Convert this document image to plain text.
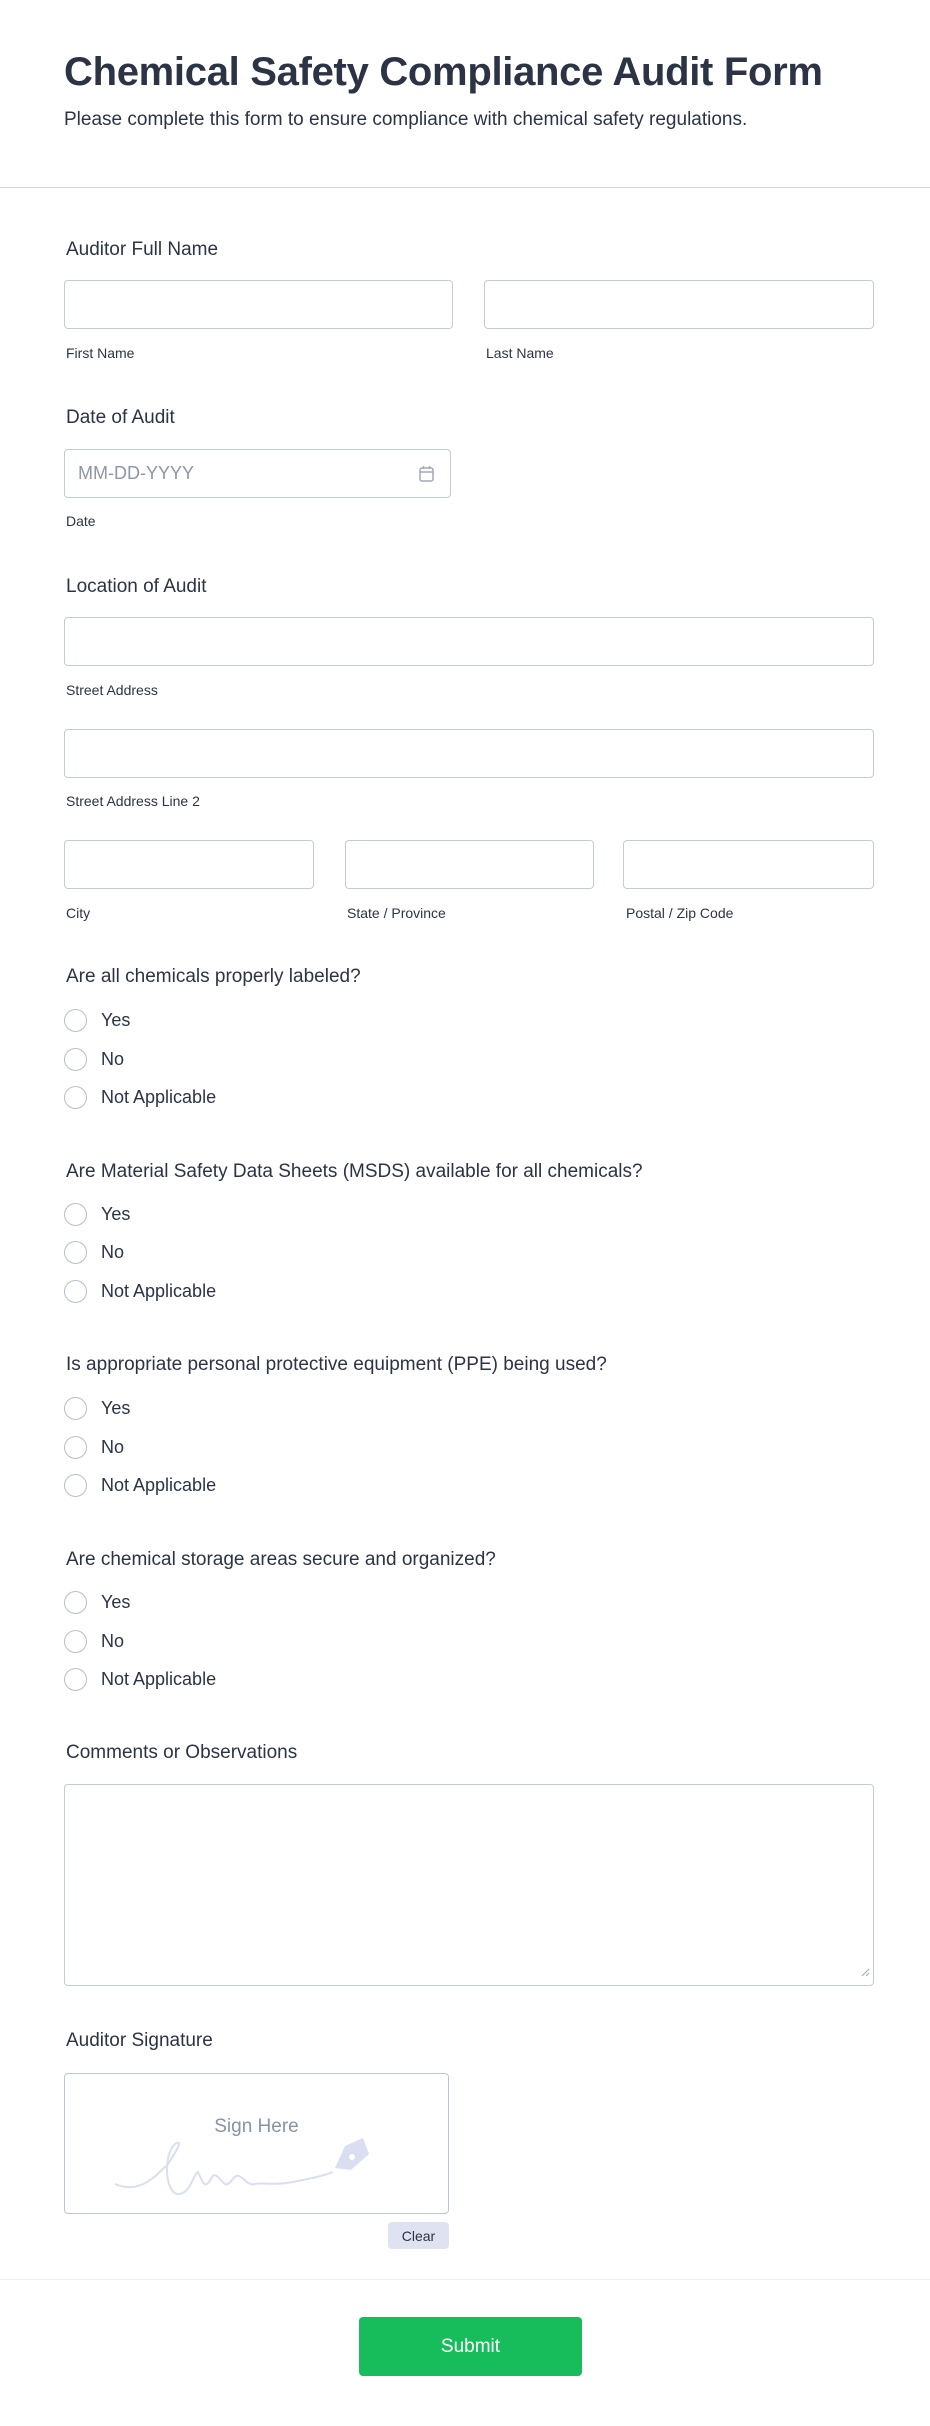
Chemical Safety Compliance Audit Form
Please complete this form to ensure compliance with chemical safety regulations.
Auditor Full Name
First Name	Last Name
Date of Audit
MM-DD-YYYY
Date
Location of Audit
Street Address
Street Address Line 2
City	State / Province	Postal / Zip Code
Are all chemicals properly labeled?
Yes
No
Not Applicable
Are Material Safety Data Sheets (MSDS) available for all chemicals?
Yes
No
Not Applicable
Is appropriate personal protective equipment (PPE) being used?
Yes
No
Not Applicable
Are chemical storage areas secure and organized?
Yes
No
Not Applicable
Comments or Observations
Auditor Signature
Sign Here
Clear
Submit
